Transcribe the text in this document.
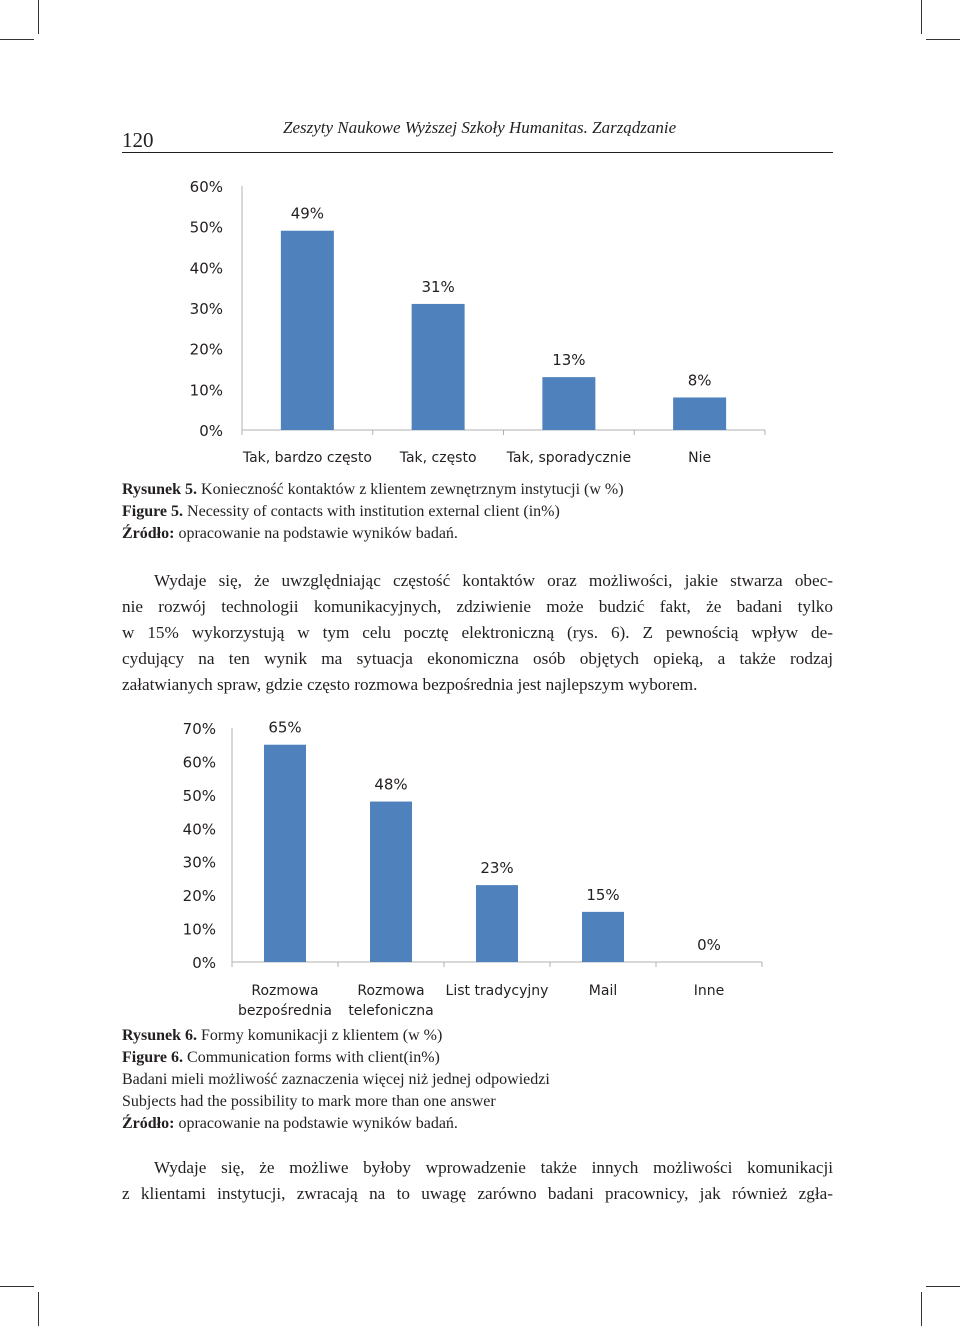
120
Zeszyty Naukowe Wyższej Szkoły Humanitas. Zarządzanie
0%
10%
20%
30%
40%
50%
60%
49%
Tak, bardzo często
31%
Tak, często
13%
Tak, sporadycznie
8%
Nie
Rysunek 5. Konieczność kontaktów z klientem zewnętrznym instytucji (w %)
Figure 5. Necessity of contacts with institution external client (in%)
Źródło: opracowanie na podstawie wyników badań.

Wydaje się, że uwzględniając częstość kontaktów oraz możliwości, jakie stwarza obec-
nie rozwój technologii komunikacyjnych, zdziwienie może budzić fakt, że badani tylko
w 15% wykorzystują w tym celu pocztę elektroniczną (rys. 6). Z pewnością wpływ de-
cydujący na ten wynik ma sytuacja ekonomiczna osób objętych opieką, a także rodzaj
załatwianych spraw, gdzie często rozmowa bezpośrednia jest najlepszym wyborem.

0%
10%
20%
30%
40%
50%
60%
70%	65%
Rozmowa
bezpośrednia
48%
Rozmowa
telefoniczna
23%
List tradycyjny
15%
Mail
0%
Inne
Rysunek 6. Formy komunikacji z klientem (w %)
Figure 6. Communication forms with client(in%)
Badani mieli możliwość zaznaczenia więcej niż jednej odpowiedzi
Subjects had the possibility to mark more than one answer
Źródło: opracowanie na podstawie wyników badań.

Wydaje się, że możliwe byłoby wprowadzenie także innych możliwości komunikacji
z klientami instytucji, zwracają na to uwagę zarówno badani pracownicy, jak również zgła-
